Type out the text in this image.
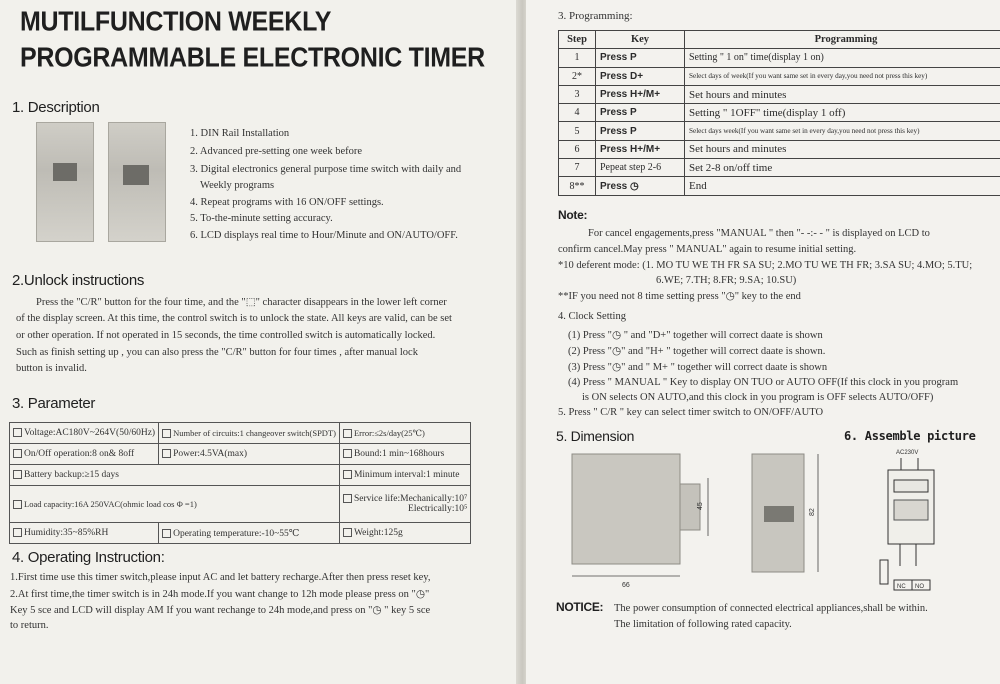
MUTILFUNCTION WEEKLY
PROGRAMMABLE ELECTRONIC TIMER
1. Description
1. DIN Rail Installation
2. Advanced pre-setting one week before
3. Digital electronics general purpose time switch with daily and
Weekly programs
4. Repeat programs with 16 ON/OFF settings.
5. To-the-minute setting accuracy.
6. LCD displays real time to Hour/Minute and ON/AUTO/OFF.
2.Unlock instructions
Press the "C/R" button for the four time, and the "⬚" character disappears in the lower left corner
of the display screen. At this time, the control switch is to unlock the state. All keys are valid, can be set
or other operation. If not operated in 15 seconds, the time controlled switch is automatically locked.
Such as finish setting up , you can also press the "C/R" button for four times , after manual lock
button is invalid.
3. Parameter
Voltage:AC180V~264V(50/60Hz)	Number of circuits:1 changeover switch(SPDT)	Error:≤2s/day(25℃)
On/Off operation:8 on& 8off	Power:4.5VA(max)	Bound:1 min~168hours
Battery backup:≥15 days		Minimum interval:1 minute
Load capacity:16A 250VAC(ohmic load cos Φ =1)		Service life:Mechanically:10⁷

Electrically:10⁵

Humidity:35~85%RH	Operating temperature:-10~55℃	Weight:125g
4. Operating Instruction:
1.First time use this timer switch,please input AC and let battery recharge.After then press reset key,
2.At first time,the timer switch is in 24h mode.If you want change to 12h mode please press on "◷"
Key 5 sce and LCD will display AM If you want rechange to 24h mode,and press on "◷ " key 5 sce
to return.
3. Programming:
Step	Key	Programming
1	Press P	Setting " 1 on" time(display 1 on)
2*	Press D+	Select days of week(If you want same set in every day,you need not press this key)
3	Press H+/M+	Set hours and minutes
4	Press P	Setting " 1OFF" time(display 1 off)
5	Press P	Select days week(If you want same set in every day,you need not press this key)
6	Press H+/M+	Set hours and minutes
7	Pepeat step 2-6	Set 2-8 on/off time
8**	Press ◷	End
Note:
For cancel engagements,press "MANUAL " then "- -:- - " is displayed on LCD to
confirm cancel.May press " MANUAL" again to resume initial setting.
*10 deferent mode: (1. MO TU WE TH FR SA SU; 2.MO TU WE TH FR; 3.SA SU; 4.MO; 5.TU;
6.WE; 7.TH; 8.FR; 9.SA; 10.SU)
**IF you need not 8 time setting press "◷" key to the end
4. Clock Setting
(1) Press "◷ " and "D+" together will correct daate is shown
(2) Press "◷" and "H+ " together will correct daate is shown.
(3) Press "◷" and " M+ " together will correct daate is shown
(4) Press " MANUAL " Key to display ON TUO or AUTO OFF(If this clock in you program
is ON selects ON AUTO,and this clock in you program is OFF selects AUTO/OFF)
5. Press " C/R " key can select timer switch to ON/OFF/AUTO
5. Dimension	6. Assemble picture
66
45
82
AC230V
NC NO
NOTICE: The power consumption of connected electrical appliances,shall be within.
The limitation of following rated capacity.
